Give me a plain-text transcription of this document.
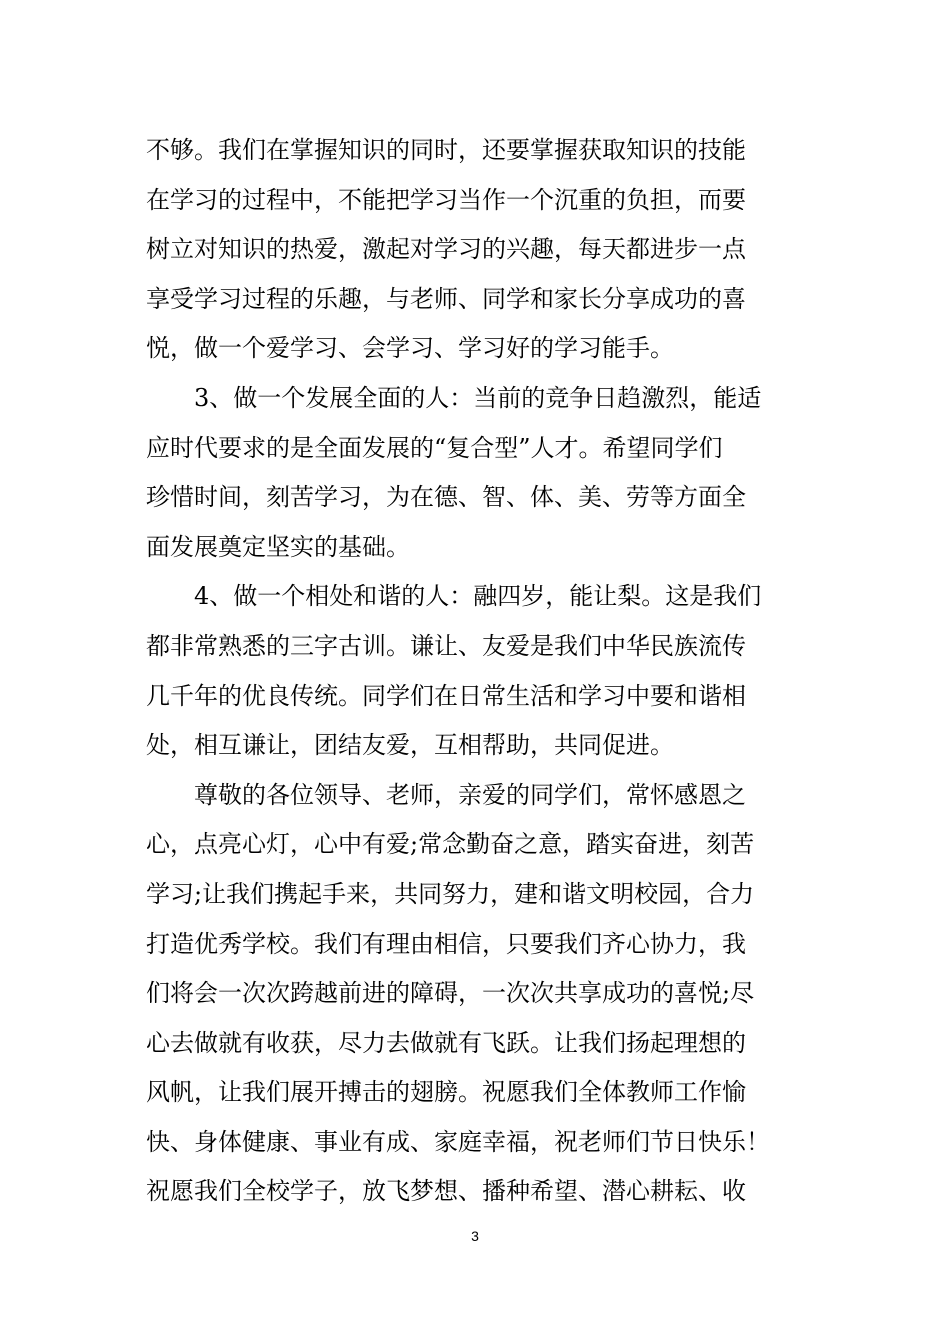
不够。我们在掌握知识的同时，还要掌握获取知识的技能
在学习的过程中，不能把学习当作一个沉重的负担，而要
树立对知识的热爱，激起对学习的兴趣，每天都进步一点
享受学习过程的乐趣，与老师、同学和家长分享成功的喜
悦，做一个爱学习、会学习、学习好的学习能手。
　　3、做一个发展全面的人：当前的竞争日趋激烈，能适
应时代要求的是全面发展的“复合型”人才。希望同学们
珍惜时间，刻苦学习，为在德、智、体、美、劳等方面全
面发展奠定坚实的基础。
　　4、做一个相处和谐的人：融四岁，能让梨。这是我们
都非常熟悉的三字古训。谦让、友爱是我们中华民族流传
几千年的优良传统。同学们在日常生活和学习中要和谐相
处，相互谦让，团结友爱，互相帮助，共同促进。
　　尊敬的各位领导、老师，亲爱的同学们，常怀感恩之
心，点亮心灯，心中有爱;常念勤奋之意，踏实奋进，刻苦
学习;让我们携起手来，共同努力，建和谐文明校园，合力
打造优秀学校。我们有理由相信，只要我们齐心协力，我
们将会一次次跨越前进的障碍，一次次共享成功的喜悦;尽
心去做就有收获，尽力去做就有飞跃。让我们扬起理想的
风帆，让我们展开搏击的翅膀。祝愿我们全体教师工作愉
快、身体健康、事业有成、家庭幸福，祝老师们节日快乐！
祝愿我们全校学子，放飞梦想、播种希望、潜心耕耘、收
3
